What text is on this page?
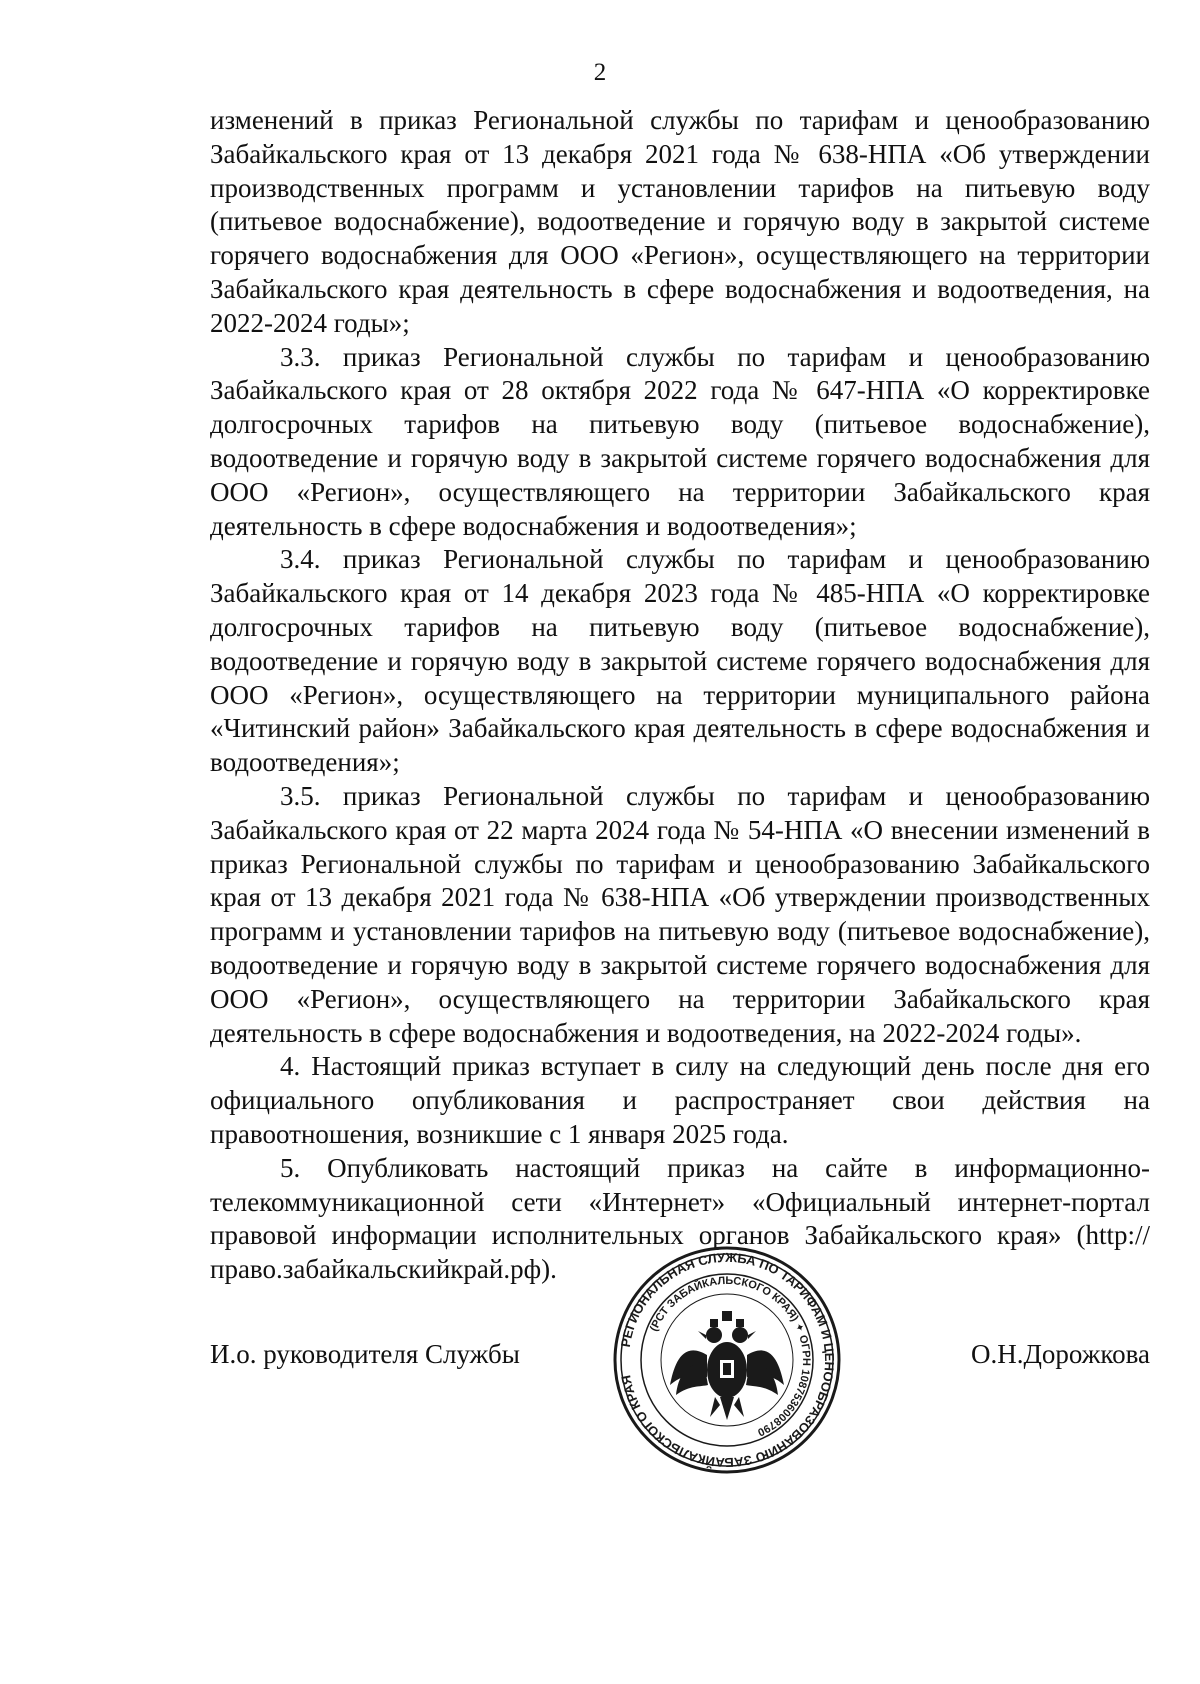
2

изменений в приказ Региональной службы по тарифам и ценообразованию Забайкальского края от 13 декабря 2021 года № 638-НПА «Об утверждении производственных программ и установлении тарифов на питьевую воду (питьевое водоснабжение), водоотведение и горячую воду в закрытой системе горячего водоснабжения для ООО «Регион», осуществляющего на территории Забайкальского края деятельность в сфере водоснабжения и водоотведения, на 2022-2024 годы»;

3.3. приказ Региональной службы по тарифам и ценообразованию Забайкальского края от 28 октября 2022 года № 647-НПА «О корректировке долгосрочных тарифов на питьевую воду (питьевое водоснабжение), водоотведение и горячую воду в закрытой системе горячего водоснабжения для ООО «Регион», осуществляющего на территории Забайкальского края деятельность в сфере водоснабжения и водоотведения»;

3.4. приказ Региональной службы по тарифам и ценообразованию Забайкальского края от 14 декабря 2023 года № 485-НПА «О корректировке долгосрочных тарифов на питьевую воду (питьевое водоснабжение), водоотведение и горячую воду в закрытой системе горячего водоснабжения для ООО «Регион», осуществляющего на территории муниципального района «Читинский район» Забайкальского края деятельность в сфере водоснабжения и водоотведения»;

3.5. приказ Региональной службы по тарифам и ценообразованию Забайкальского края от 22 марта 2024 года № 54-НПА «О внесении изменений в приказ Региональной службы по тарифам и ценообразованию Забайкальского края от 13 декабря 2021 года № 638-НПА «Об утверждении производственных программ и установлении тарифов на питьевую воду (питьевое водоснабжение), водоотведение и горячую воду в закрытой системе горячего водоснабжения для ООО «Регион», осуществляющего на территории Забайкальского края деятельность в сфере водоснабжения и водоотведения, на 2022-2024 годы».

4. Настоящий приказ вступает в силу на следующий день после дня его официального опубликования и распространяет свои действия на правоотношения, возникшие с 1 января 2025 года.

5. Опубликовать настоящий приказ на сайте в информационно-телекоммуникационной сети «Интернет» «Официальный интернет-портал правовой информации исполнительных органов Забайкальского края» (http://право.забайкальскийкрай.рф).

И.о. руководителя Службы	О.Н.Дорожкова
РЕГИОНАЛЬНАЯ СЛУЖБА ПО ТАРИФАМ И ЦЕНООБРАЗОВАНИЮ ЗАБАЙКАЛЬСКОГО КРАЯ
(РСТ ЗАБАЙКАЛЬСКОГО КРАЯ) ✦ ОГРН 1087536008790
